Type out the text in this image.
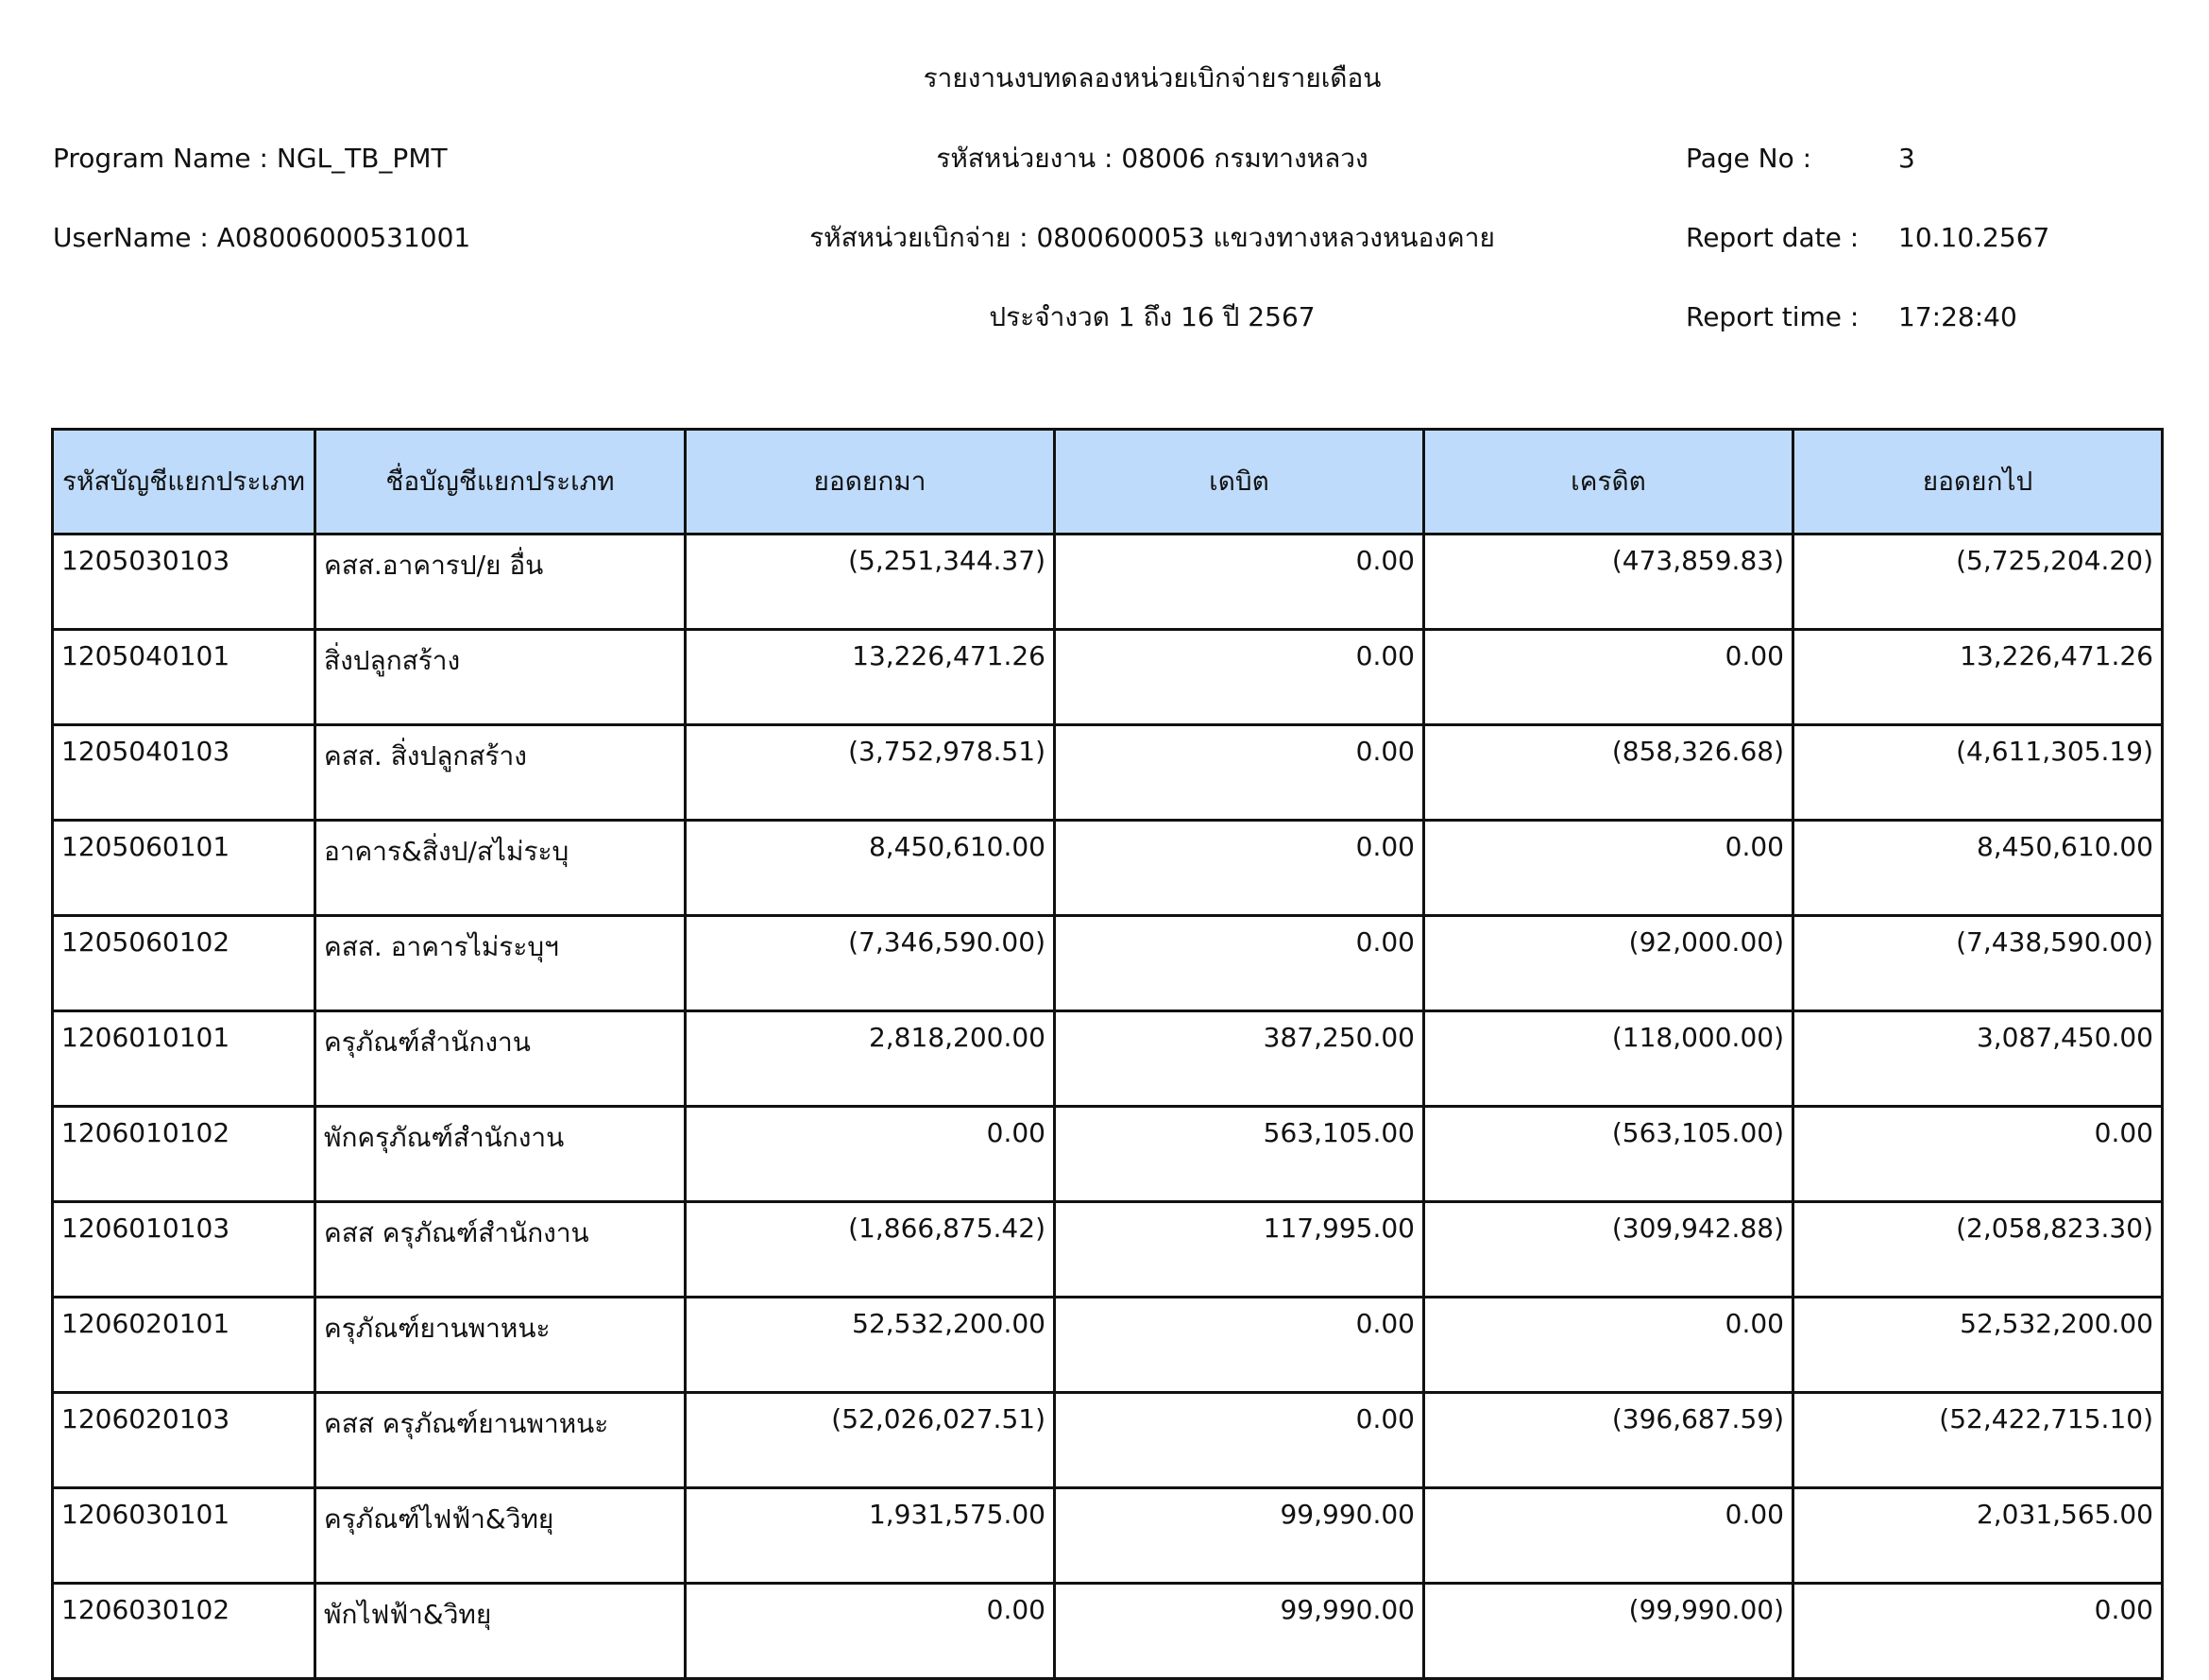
รายงานงบทดลองหน่วยเบิกจ่ายรายเดือน
Program Name : NGL_TB_PMT	รหัสหน่วยงาน : 08006 กรมทางหลวง	Page No :	3
UserName : A08006000531001	รหัสหน่วยเบิกจ่าย : 0800600053 แขวงทางหลวงหนองคาย	Report date : 10.10.2567
ประจำงวด 1 ถึง 16 ปี 2567	Report time : 17:28:40
รหัสบัญชีแยกประเภท	ชื่อบัญชีแยกประเภท	ยอดยกมา	เดบิต	เครดิต	ยอดยกไป
1205030103	คสส.อาคารป/ย อื่น	(5,251,344.37)	0.00	(473,859.83)	(5,725,204.20)
1205040101	สิ่งปลูกสร้าง	13,226,471.26	0.00	0.00	13,226,471.26
1205040103	คสส. สิ่งปลูกสร้าง	(3,752,978.51)	0.00	(858,326.68)	(4,611,305.19)
1205060101	อาคาร&สิ่งป/สไม่ระบุ	8,450,610.00	0.00	0.00	8,450,610.00
1205060102	คสส. อาคารไม่ระบุฯ	(7,346,590.00)	0.00	(92,000.00)	(7,438,590.00)
1206010101	ครุภัณฑ์สำนักงาน	2,818,200.00	387,250.00	(118,000.00)	3,087,450.00
1206010102	พักครุภัณฑ์สำนักงาน	0.00	563,105.00	(563,105.00)	0.00
1206010103	คสส ครุภัณฑ์สำนักงาน	(1,866,875.42)	117,995.00	(309,942.88)	(2,058,823.30)
1206020101	ครุภัณฑ์ยานพาหนะ	52,532,200.00	0.00	0.00	52,532,200.00
1206020103	คสส ครุภัณฑ์ยานพาหนะ	(52,026,027.51)	0.00	(396,687.59)	(52,422,715.10)
1206030101	ครุภัณฑ์ไฟฟ้า&วิทยุ	1,931,575.00	99,990.00	0.00	2,031,565.00
1206030102	พักไฟฟ้า&วิทยุ	0.00	99,990.00	(99,990.00)	0.00
